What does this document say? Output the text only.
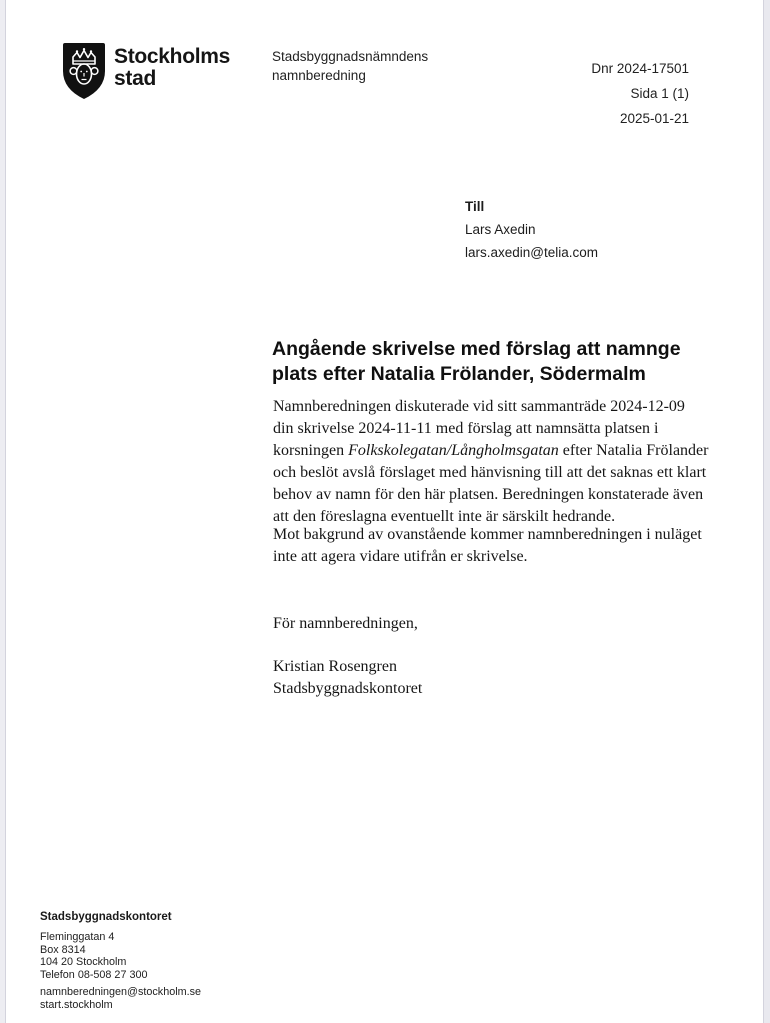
Stockholms
stad
Stadsbyggnadsnämndens
namnberedning	Dnr 2024-17501
Sida 1 (1)
2025-01-21
Till
Lars Axedin
lars.axedin@telia.com
Angående skrivelse med förslag att namnge
plats efter Natalia Frölander, Södermalm
Namnberedningen diskuterade vid sitt sammanträde 2024-12-09
din skrivelse 2024-11-11 med förslag att namnsätta platsen i
korsningen Folkskolegatan/Långholmsgatan efter Natalia Frölander
och beslöt avslå förslaget med hänvisning till att det saknas ett klart
behov av namn för den här platsen. Beredningen konstaterade även
att den föreslagna eventuellt inte är särskilt hedrande.
Mot bakgrund av ovanstående kommer namnberedningen i nuläget
inte att agera vidare utifrån er skrivelse.
För namnberedningen,
Kristian Rosengren
Stadsbyggnadskontoret
Stadsbyggnadskontoret
Fleminggatan 4
Box 8314
104 20 Stockholm
Telefon 08-508 27 300
namnberedningen@stockholm.se
start.stockholm
